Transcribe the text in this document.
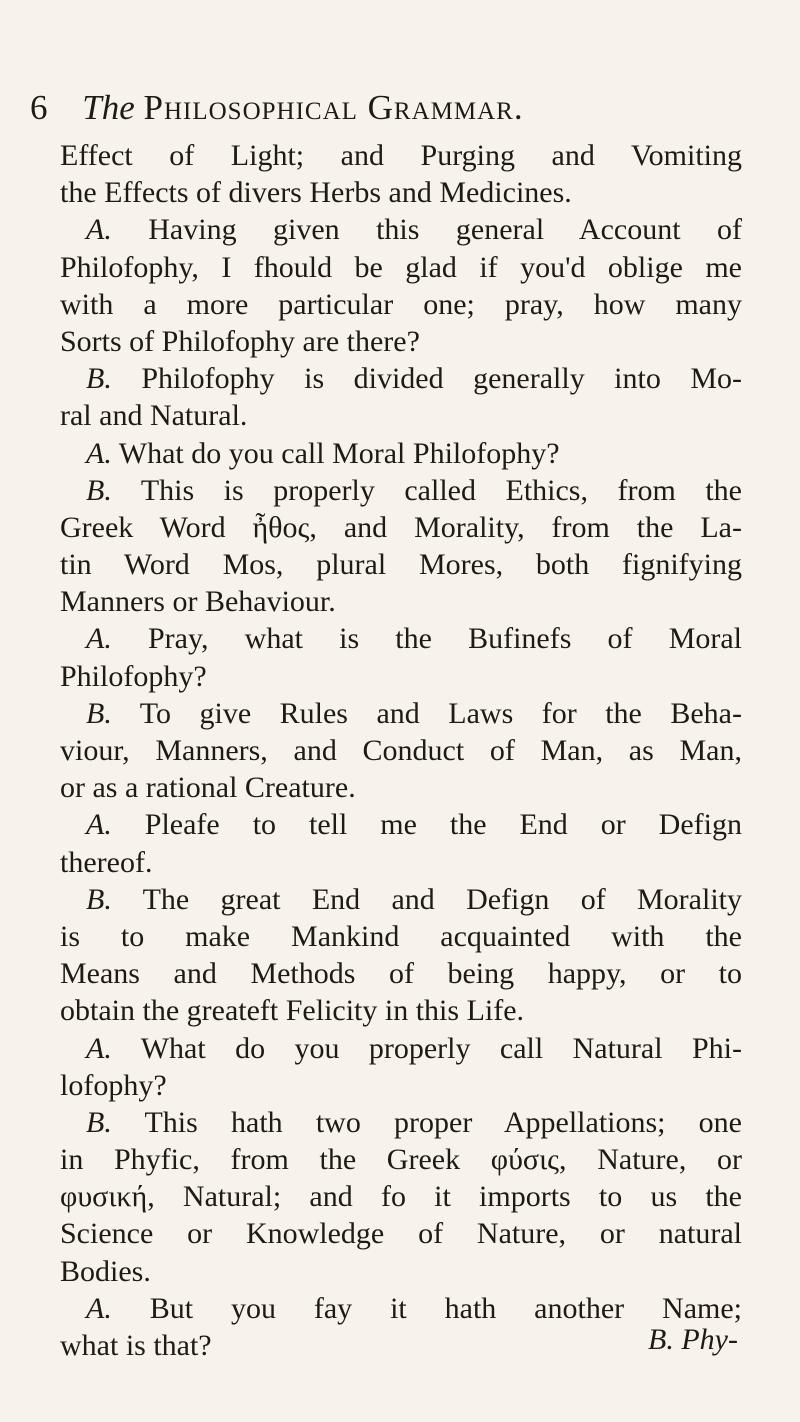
6 The Philosophical Grammar.
Effect of Light; and Purging and Vomiting
the Effects of divers Herbs and Medicines.
A. Having given this general Account of
Philofophy, I fhould be glad if you'd oblige me
with a more particular one; pray, how many
Sorts of Philofophy are there?
B. Philofophy is divided generally into Mo-
ral and Natural.
A. What do you call Moral Philofophy?
B. This is properly called Ethics, from the
Greek Word ἦθος, and Morality, from the La-
tin Word Mos, plural Mores, both fignifying
Manners or Behaviour.
A. Pray, what is the Bufinefs of Moral
Philofophy?
B. To give Rules and Laws for the Beha-
viour, Manners, and Conduct of Man, as Man,
or as a rational Creature.
A. Pleafe to tell me the End or Defign
thereof.
B. The great End and Defign of Morality
is to make Mankind acquainted with the
Means and Methods of being happy, or to
obtain the greateft Felicity in this Life.
A. What do you properly call Natural Phi-
lofophy?
B. This hath two proper Appellations; one
in Phyfic, from the Greek φύσις, Nature, or
φυσική, Natural; and fo it imports to us the
Science or Knowledge of Nature, or natural
Bodies.
A. But you fay it hath another Name;
what is that?	B. Phy-
